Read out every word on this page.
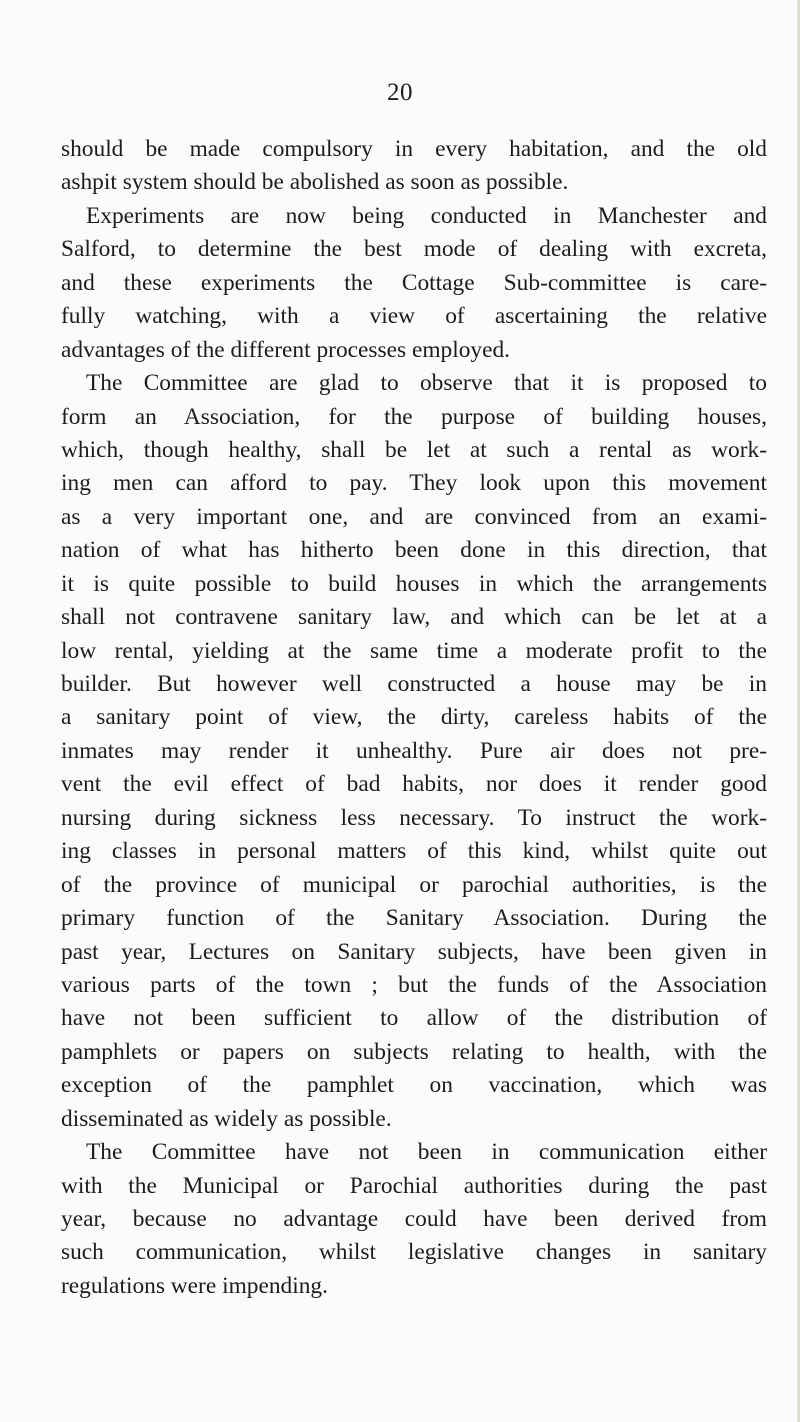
20
should be made compulsory in every habitation, and the old
ashpit system should be abolished as soon as possible.
Experiments are now being conducted in Manchester and
Salford, to determine the best mode of dealing with excreta,
and these experiments the Cottage Sub-committee is care-
fully watching, with a view of ascertaining the relative
advantages of the different processes employed.
The Committee are glad to observe that it is proposed to
form an Association, for the purpose of building houses,
which, though healthy, shall be let at such a rental as work-
ing men can afford to pay. They look upon this movement
as a very important one, and are convinced from an exami-
nation of what has hitherto been done in this direction, that
it is quite possible to build houses in which the arrangements
shall not contravene sanitary law, and which can be let at a
low rental, yielding at the same time a moderate profit to the
builder. But however well constructed a house may be in
a sanitary point of view, the dirty, careless habits of the
inmates may render it unhealthy. Pure air does not pre-
vent the evil effect of bad habits, nor does it render good
nursing during sickness less necessary. To instruct the work-
ing classes in personal matters of this kind, whilst quite out
of the province of municipal or parochial authorities, is the
primary function of the Sanitary Association. During the
past year, Lectures on Sanitary subjects, have been given in
various parts of the town ; but the funds of the Association
have not been sufficient to allow of the distribution of
pamphlets or papers on subjects relating to health, with the
exception of the pamphlet on vaccination, which was
disseminated as widely as possible.
The Committee have not been in communication either
with the Municipal or Parochial authorities during the past
year, because no advantage could have been derived from
such communication, whilst legislative changes in sanitary
regulations were impending.
